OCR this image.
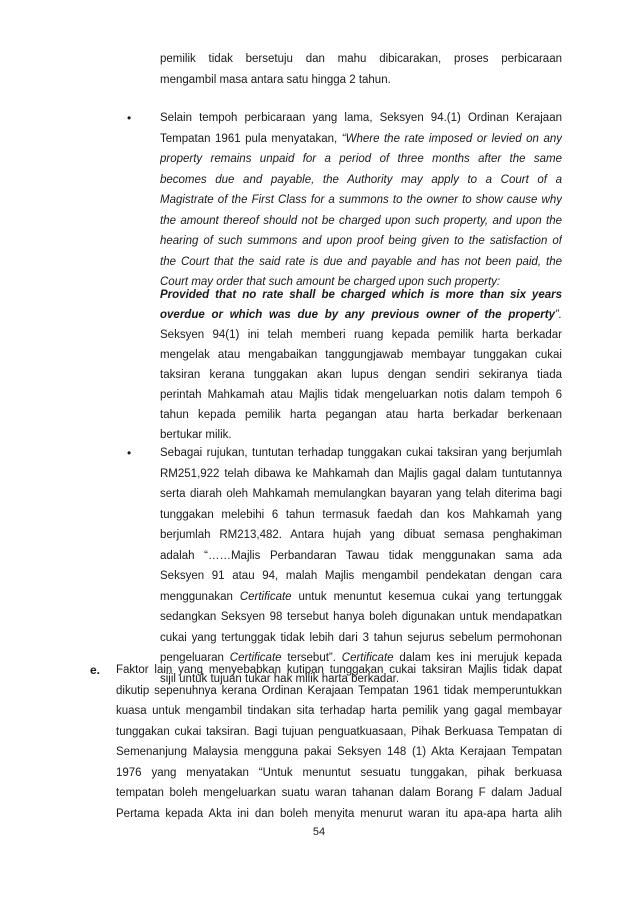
pemilik tidak bersetuju dan mahu dibicarakan, proses perbicaraan
mengambil masa antara satu hingga 2 tahun.
•	Selain tempoh perbicaraan yang lama, Seksyen 94.(1) Ordinan Kerajaan
Tempatan 1961 pula menyatakan, “Where the rate imposed or levied on any
property remains unpaid for a period of three months after the same
becomes due and payable, the Authority may apply to a Court of a
Magistrate of the First Class for a summons to the owner to show cause why
the amount thereof should not be charged upon such property, and upon the
hearing of such summons and upon proof being given to the satisfaction of
the Court that the said rate is due and payable and has not been paid, the
Court may order that such amount be charged upon such property:
Provided that no rate shall be charged which is more than six years
overdue or which was due by any previous owner of the property”.
Seksyen 94(1) ini telah memberi ruang kepada pemilik harta berkadar
mengelak atau mengabaikan tanggungjawab membayar tunggakan cukai
taksiran kerana tunggakan akan lupus dengan sendiri sekiranya tiada
perintah Mahkamah atau Majlis tidak mengeluarkan notis dalam tempoh 6
tahun kepada pemilik harta pegangan atau harta berkadar berkenaan
bertukar milik.
•	Sebagai rujukan, tuntutan terhadap tunggakan cukai taksiran yang berjumlah
RM251,922 telah dibawa ke Mahkamah dan Majlis gagal dalam tuntutannya
serta diarah oleh Mahkamah memulangkan bayaran yang telah diterima bagi
tunggakan melebihi 6 tahun termasuk faedah dan kos Mahkamah yang
berjumlah RM213,482. Antara hujah yang dibuat semasa penghakiman
adalah “……Majlis Perbandaran Tawau tidak menggunakan sama ada
Seksyen 91 atau 94, malah Majlis mengambil pendekatan dengan cara
menggunakan Certificate untuk menuntut kesemua cukai yang tertunggak
sedangkan Seksyen 98 tersebut hanya boleh digunakan untuk mendapatkan
cukai yang tertunggak tidak lebih dari 3 tahun sejurus sebelum permohonan
pengeluaran Certificate tersebut”. Certificate dalam kes ini merujuk kepada
sijil untuk tujuan tukar hak milik harta berkadar.
e. Faktor lain yang menyebabkan kutipan tunggakan cukai taksiran Majlis tidak dapat
dikutip sepenuhnya kerana Ordinan Kerajaan Tempatan 1961 tidak memperuntukkan
kuasa untuk mengambil tindakan sita terhadap harta pemilik yang gagal membayar
tunggakan cukai taksiran. Bagi tujuan penguatkuasaan, Pihak Berkuasa Tempatan di
Semenanjung Malaysia mengguna pakai Seksyen 148 (1) Akta Kerajaan Tempatan
1976 yang menyatakan “Untuk menuntut sesuatu tunggakan, pihak berkuasa
tempatan boleh mengeluarkan suatu waran tahanan dalam Borang F dalam Jadual
Pertama kepada Akta ini dan boleh menyita menurut waran itu apa-apa harta alih
54
